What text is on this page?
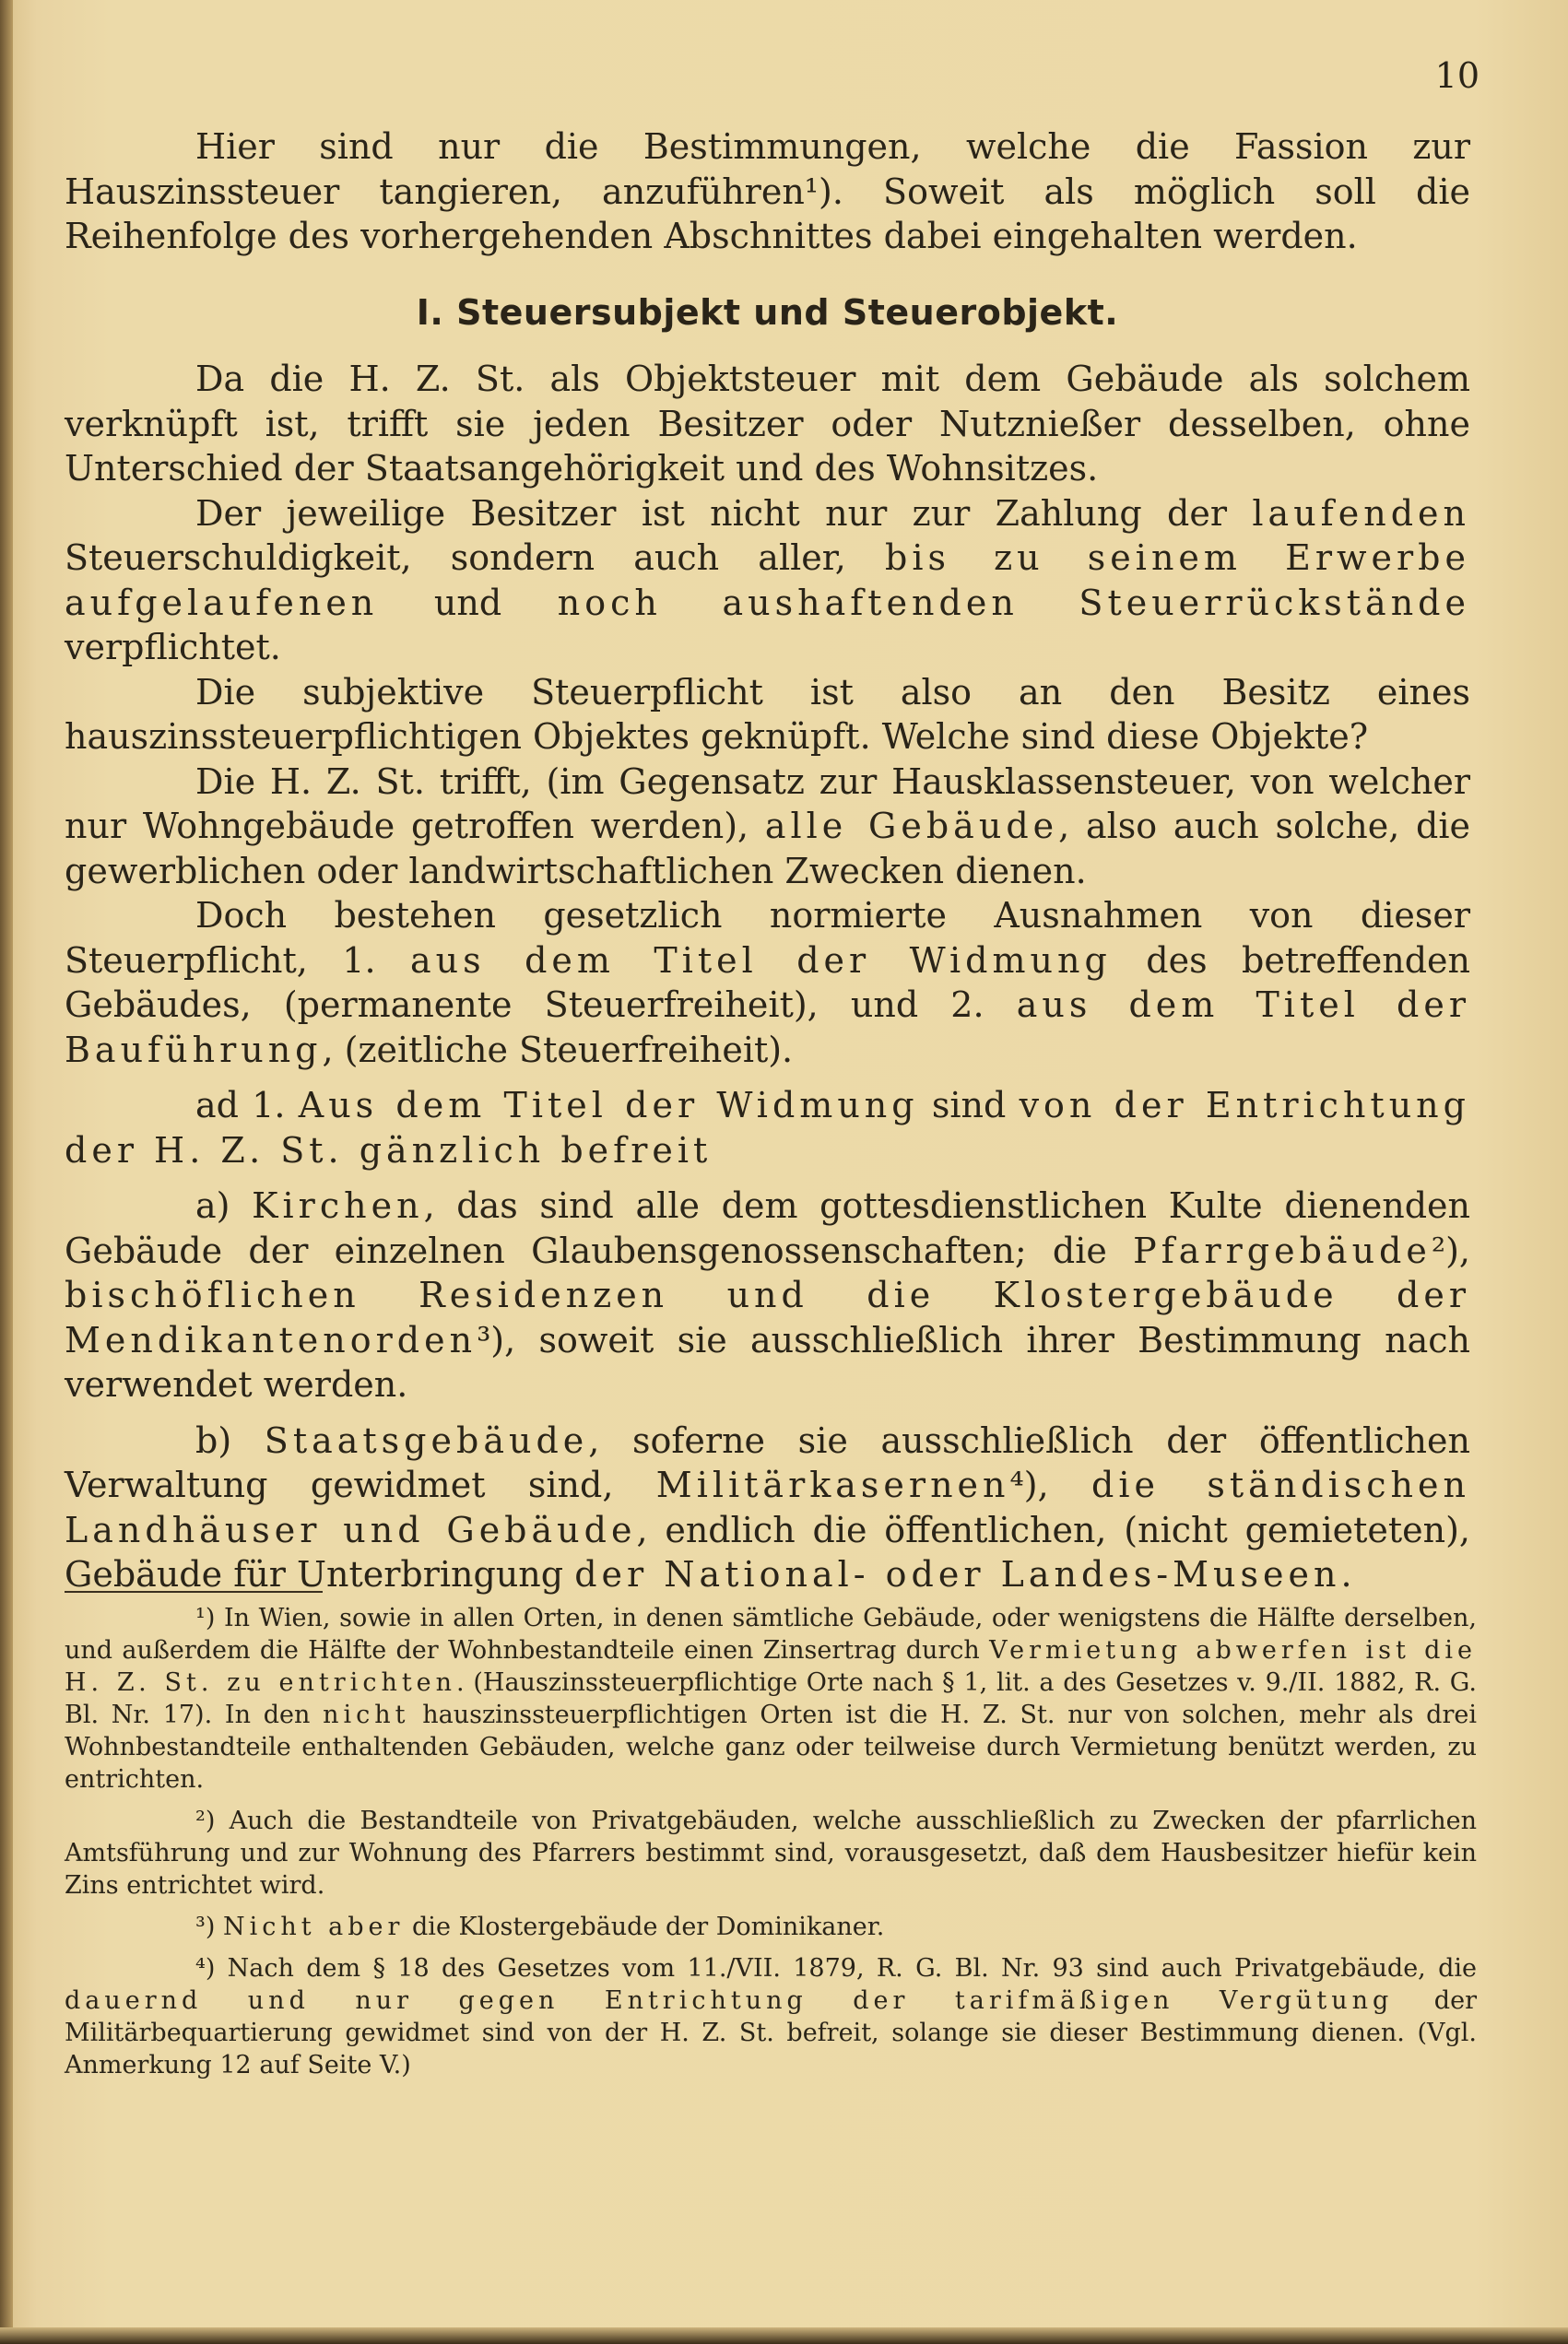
10

Hier sind nur die Bestimmungen, welche die Fassion zur Hauszinssteuer tangieren, anzuführen¹). Soweit als möglich soll die Reihenfolge des vorhergehenden Abschnittes dabei eingehalten werden.

I. Steuersubjekt und Steuerobjekt.

Da die H. Z. St. als Objektsteuer mit dem Gebäude als solchem verknüpft ist, trifft sie jeden Besitzer oder Nutznießer desselben, ohne Unterschied der Staatsangehörigkeit und des Wohnsitzes.

Der jeweilige Besitzer ist nicht nur zur Zahlung der laufenden Steuerschuldigkeit, sondern auch aller, bis zu seinem Erwerbe aufgelaufenen und noch aushaftenden Steuerrückstände verpflichtet.

Die subjektive Steuerpflicht ist also an den Besitz eines hauszinssteuerpflichtigen Objektes geknüpft. Welche sind diese Objekte?

Die H. Z. St. trifft, (im Gegensatz zur Hausklassensteuer, von welcher nur Wohngebäude getroffen werden), alle Gebäude, also auch solche, die gewerblichen oder landwirtschaftlichen Zwecken dienen.

Doch bestehen gesetzlich normierte Ausnahmen von dieser Steuerpflicht, 1. aus dem Titel der Widmung des betreffenden Gebäudes, (permanente Steuerfreiheit), und 2. aus dem Titel der Bauführung, (zeitliche Steuerfreiheit).

ad 1. Aus dem Titel der Widmung sind von der Entrichtung der H. Z. St. gänzlich befreit

a) Kirchen, das sind alle dem gottesdienstlichen Kulte dienenden Gebäude der einzelnen Glaubensgenossenschaften; die Pfarrgebäude²), bischöflichen Residenzen und die Klostergebäude der Mendikantenorden³), soweit sie ausschließlich ihrer Bestimmung nach verwendet werden.

b) Staatsgebäude, soferne sie ausschließlich der öffentlichen Verwaltung gewidmet sind, Militärkasernen⁴), die ständischen Landhäuser und Gebäude, endlich die öffentlichen, (nicht gemieteten), Gebäude für Unterbringung der National- oder Landes-Museen.

¹) In Wien, sowie in allen Orten, in denen sämtliche Gebäude, oder wenigstens die Hälfte derselben, und außerdem die Hälfte der Wohnbestandteile einen Zinsertrag durch Vermietung abwerfen ist die H. Z. St. zu entrichten. (Hauszinssteuerpflichtige Orte nach § 1, lit. a des Gesetzes v. 9./II. 1882, R. G. Bl. Nr. 17). In den nicht hauszinssteuerpflichtigen Orten ist die H. Z. St. nur von solchen, mehr als drei Wohnbestandteile enthaltenden Gebäuden, welche ganz oder teilweise durch Vermietung benützt werden, zu entrichten.

²) Auch die Bestandteile von Privatgebäuden, welche ausschließlich zu Zwecken der pfarrlichen Amtsführung und zur Wohnung des Pfarrers bestimmt sind, vorausgesetzt, daß dem Hausbesitzer hiefür kein Zins entrichtet wird.

³) Nicht aber die Klostergebäude der Dominikaner.

⁴) Nach dem § 18 des Gesetzes vom 11./VII. 1879, R. G. Bl. Nr. 93 sind auch Privatgebäude, die dauernd und nur gegen Entrichtung der tarifmäßigen Vergütung der Militärbequartierung gewidmet sind von der H. Z. St. befreit, solange sie dieser Bestimmung dienen. (Vgl. Anmerkung 12 auf Seite V.)
